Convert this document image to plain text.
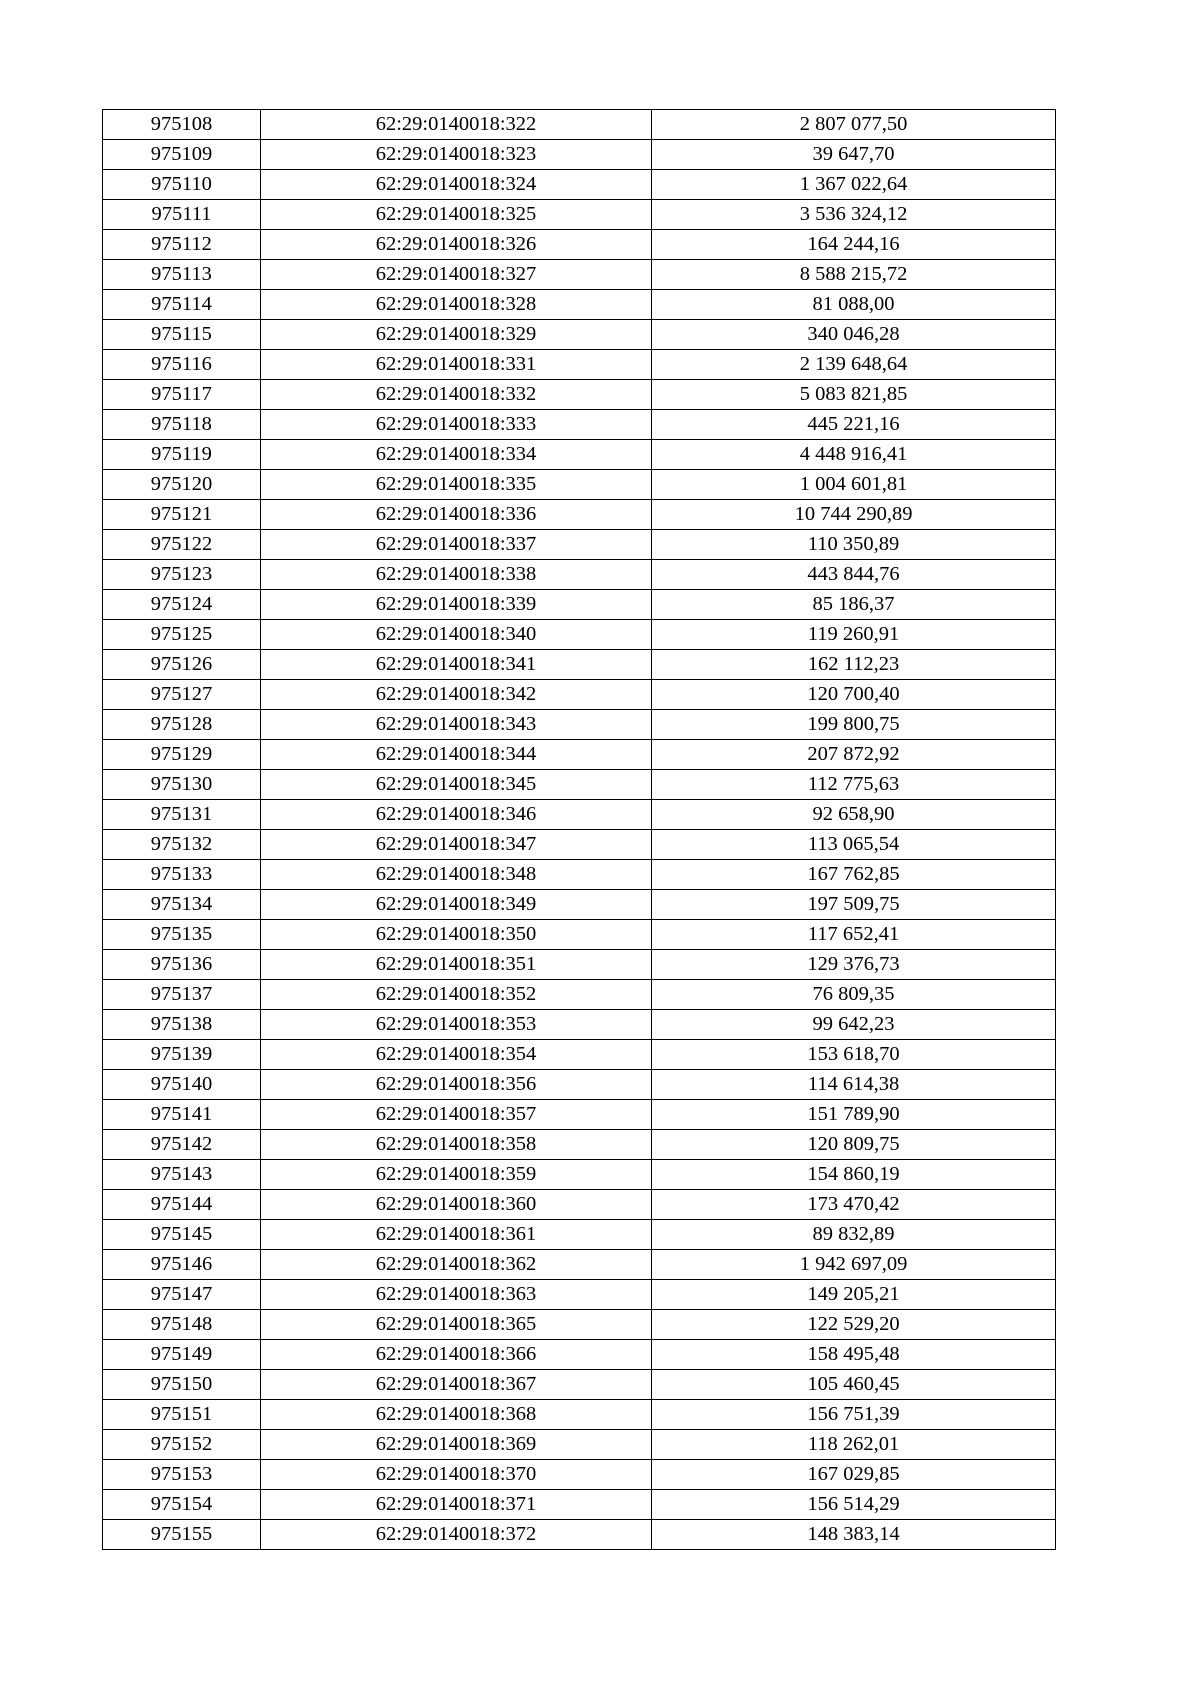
975108	62:29:0140018:322	2 807 077,50
975109	62:29:0140018:323	39 647,70
975110	62:29:0140018:324	1 367 022,64
975111	62:29:0140018:325	3 536 324,12
975112	62:29:0140018:326	164 244,16
975113	62:29:0140018:327	8 588 215,72
975114	62:29:0140018:328	81 088,00
975115	62:29:0140018:329	340 046,28
975116	62:29:0140018:331	2 139 648,64
975117	62:29:0140018:332	5 083 821,85
975118	62:29:0140018:333	445 221,16
975119	62:29:0140018:334	4 448 916,41
975120	62:29:0140018:335	1 004 601,81
975121	62:29:0140018:336	10 744 290,89
975122	62:29:0140018:337	110 350,89
975123	62:29:0140018:338	443 844,76
975124	62:29:0140018:339	85 186,37
975125	62:29:0140018:340	119 260,91
975126	62:29:0140018:341	162 112,23
975127	62:29:0140018:342	120 700,40
975128	62:29:0140018:343	199 800,75
975129	62:29:0140018:344	207 872,92
975130	62:29:0140018:345	112 775,63
975131	62:29:0140018:346	92 658,90
975132	62:29:0140018:347	113 065,54
975133	62:29:0140018:348	167 762,85
975134	62:29:0140018:349	197 509,75
975135	62:29:0140018:350	117 652,41
975136	62:29:0140018:351	129 376,73
975137	62:29:0140018:352	76 809,35
975138	62:29:0140018:353	99 642,23
975139	62:29:0140018:354	153 618,70
975140	62:29:0140018:356	114 614,38
975141	62:29:0140018:357	151 789,90
975142	62:29:0140018:358	120 809,75
975143	62:29:0140018:359	154 860,19
975144	62:29:0140018:360	173 470,42
975145	62:29:0140018:361	89 832,89
975146	62:29:0140018:362	1 942 697,09
975147	62:29:0140018:363	149 205,21
975148	62:29:0140018:365	122 529,20
975149	62:29:0140018:366	158 495,48
975150	62:29:0140018:367	105 460,45
975151	62:29:0140018:368	156 751,39
975152	62:29:0140018:369	118 262,01
975153	62:29:0140018:370	167 029,85
975154	62:29:0140018:371	156 514,29
975155	62:29:0140018:372	148 383,14
